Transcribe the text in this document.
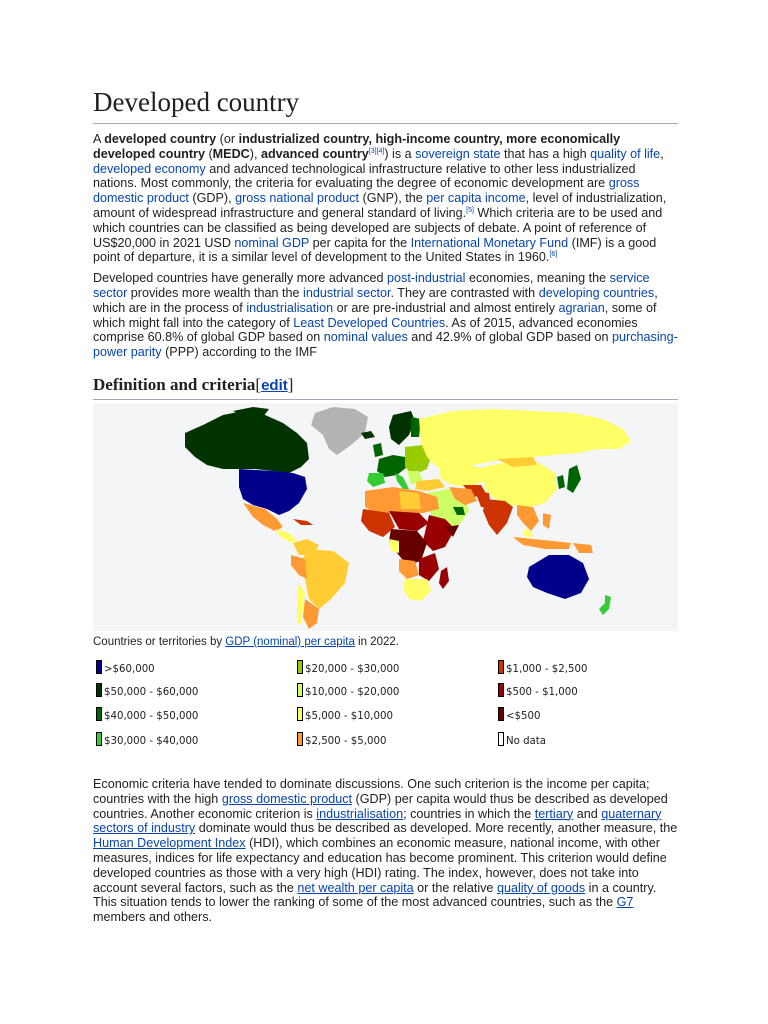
Developed country

A developed country (or industrialized country, high-income country, more economically developed country (MEDC), advanced country[3][4]) is a sovereign state that has a high quality of life, developed economy and advanced technological infrastructure relative to other less industrialized nations. Most commonly, the criteria for evaluating the degree of economic development are gross domestic product (GDP), gross national product (GNP), the per capita income, level of industrialization, amount of widespread infrastructure and general standard of living.[5] Which criteria are to be used and which countries can be classified as being developed are subjects of debate. A point of reference of US$20,000 in 2021 USD nominal GDP per capita for the International Monetary Fund (IMF) is a good point of departure, it is a similar level of development to the United States in 1960.[6]

Developed countries have generally more advanced post-industrial economies, meaning the service sector provides more wealth than the industrial sector. They are contrasted with developing countries, which are in the process of industrialisation or are pre-industrial and almost entirely agrarian, some of which might fall into the category of Least Developed Countries. As of 2015, advanced economies comprise 60.8% of global GDP based on nominal values and 42.9% of global GDP based on purchasing-power parity (PPP) according to the IMF

Definition and criteria[edit]
Countries or territories by GDP (nominal) per capita in 2022.
>$60,000
$50,000 - $60,000
$40,000 - $50,000
$30,000 - $40,000
$20,000 - $30,000
$10,000 - $20,000
$5,000 - $10,000
$2,500 - $5,000
$1,000 - $2,500
$500 - $1,000
<$500
No data

Economic criteria have tended to dominate discussions. One such criterion is the income per capita; countries with the high gross domestic product (GDP) per capita would thus be described as developed countries. Another economic criterion is industrialisation; countries in which the tertiary and quaternary sectors of industry dominate would thus be described as developed. More recently, another measure, the Human Development Index (HDI), which combines an economic measure, national income, with other measures, indices for life expectancy and education has become prominent. This criterion would define developed countries as those with a very high (HDI) rating. The index, however, does not take into account several factors, such as the net wealth per capita or the relative quality of goods in a country. This situation tends to lower the ranking of some of the most advanced countries, such as the G7 members and others.
